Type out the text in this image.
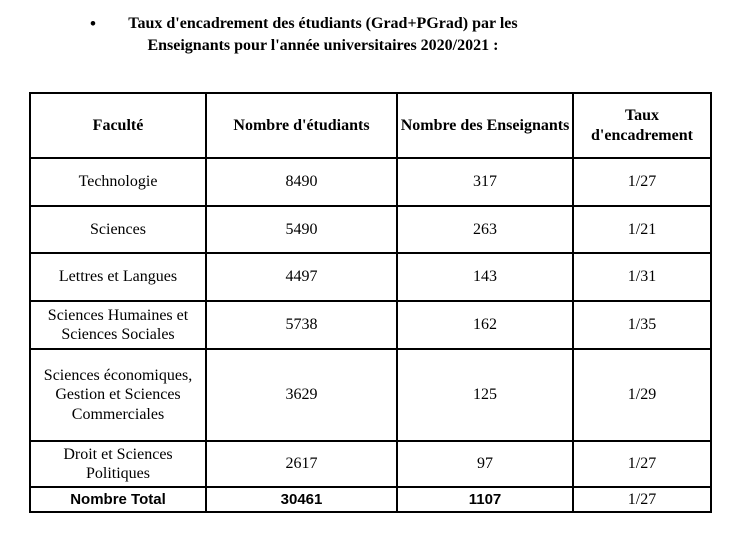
•	Taux d'encadrement des étudiants (Grad+PGrad) par les
Enseignants pour l'année universitaires 2020/2021 :
Faculté	Nombre d'étudiants	Nombre des Enseignants	Taux d'encadrement
Technologie	8490	317	1/27
Sciences	5490	263	1/21
Lettres et Langues	4497	143	1/31
Sciences Humaines et Sciences Sociales	5738	162	1/35
Sciences économiques, Gestion et Sciences Commerciales	3629	125	1/29
Droit et Sciences Politiques	2617	97	1/27
Nombre Total	30461	1107	1/27
